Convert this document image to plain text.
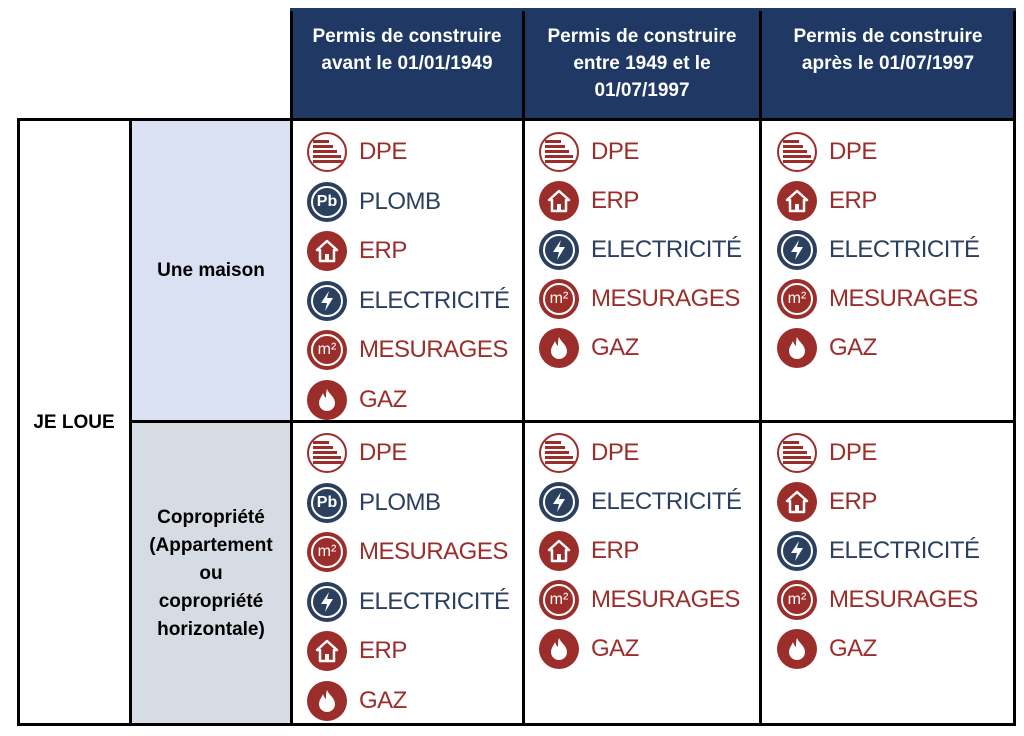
Permis de construire
avant le 01/01/1949
Permis de construire
entre 1949 et le
01/07/1997
Permis de construire
après le 01/07/1997
JE LOUE
Une maison
Copropriété
(Appartement
ou
copropriété
horizontale)
DPE
Pb PLOMB
ERP
ELECTRICITÉ
m² MESURAGES
GAZ
DPE
ERP
ELECTRICITÉ
m² MESURAGES
GAZ
DPE
ERP
ELECTRICITÉ
m² MESURAGES
GAZ
DPE
Pb PLOMB
m² MESURAGES
ELECTRICITÉ
ERP
GAZ
DPE
ELECTRICITÉ
ERP
m² MESURAGES
GAZ
DPE
ERP
ELECTRICITÉ
m² MESURAGES
GAZ
